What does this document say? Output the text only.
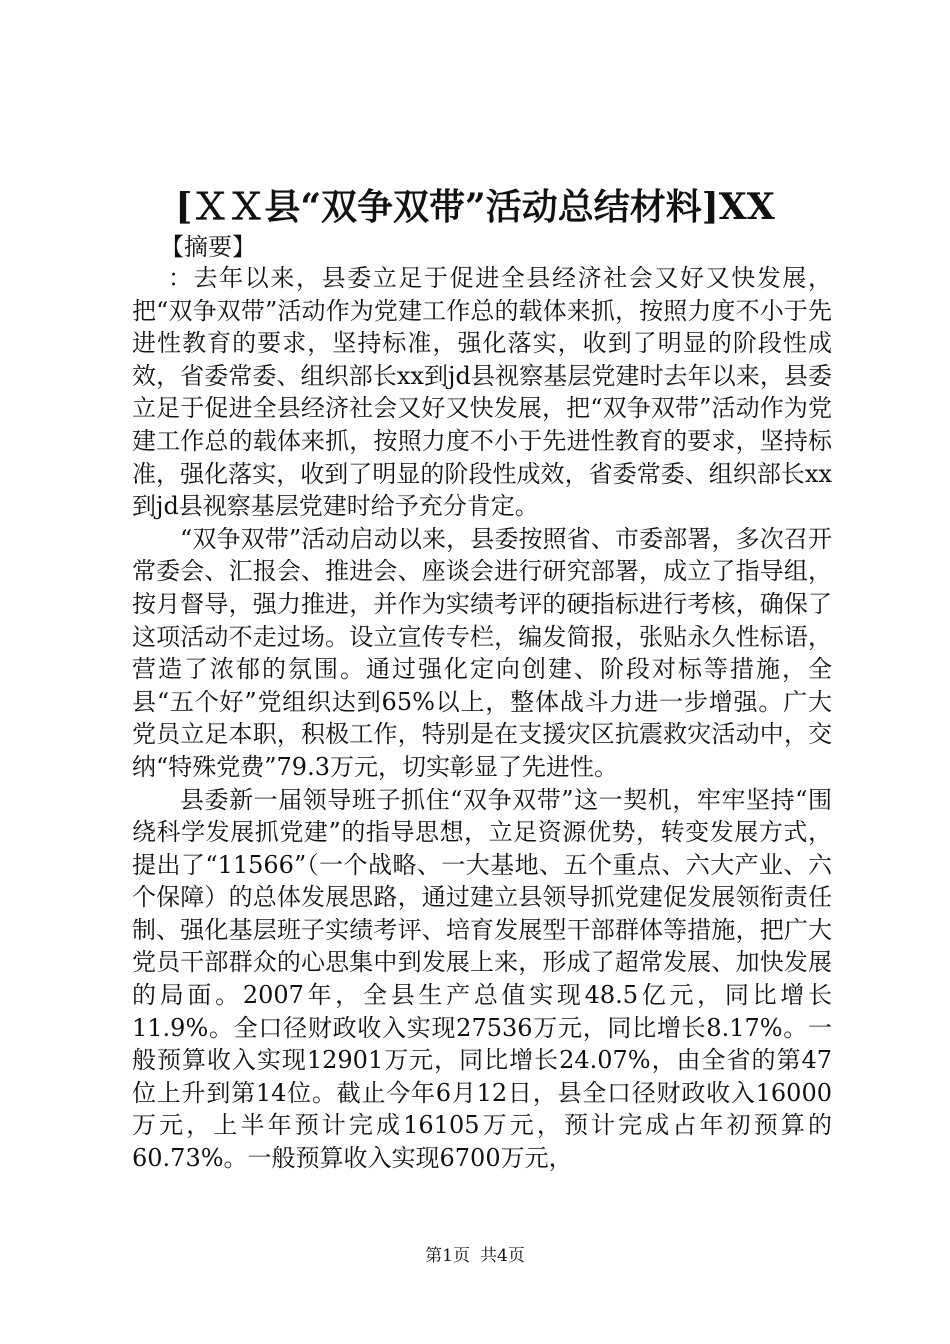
[ＸＸ县“双争双带”活动总结材料]XX
【摘要】

：去年以来，县委立足于促进全县经济社会又好又快发展，把“双争双带”活动作为党建工作总的载体来抓，按照力度不小于先进性教育的要求，坚持标准，强化落实，收到了明显的阶段性成效，省委常委、组织部长xx到jd县视察基层党建时去年以来，县委立足于促进全县经济社会又好又快发展，把“双争双带”活动作为党建工作总的载体来抓，按照力度不小于先进性教育的要求，坚持标准，强化落实，收到了明显的阶段性成效，省委常委、组织部长xx到jd县视察基层党建时给予充分肯定。

“双争双带”活动启动以来，县委按照省、市委部署，多次召开常委会、汇报会、推进会、座谈会进行研究部署，成立了指导组，按月督导，强力推进，并作为实绩考评的硬指标进行考核，确保了这项活动不走过场。设立宣传专栏，编发简报，张贴永久性标语，营造了浓郁的氛围。通过强化定向创建、阶段对标等措施，全县“五个好”党组织达到65%以上，整体战斗力进一步增强。广大党员立足本职，积极工作，特别是在支援灾区抗震救灾活动中，交纳“特殊党费”79.3万元，切实彰显了先进性。

县委新一届领导班子抓住“双争双带”这一契机，牢牢坚持“围绕科学发展抓党建”的指导思想，立足资源优势，转变发展方式，提出了“11566”（一个战略、一大基地、五个重点、六大产业、六个保障）的总体发展思路，通过建立县领导抓党建促发展领衔责任制、强化基层班子实绩考评、培育发展型干部群体等措施，把广大党员干部群众的心思集中到发展上来，形成了超常发展、加快发展的局面。2007年，全县生产总值实现48.5亿元，同比增长11.9%。全口径财政收入实现27536万元，同比增长8.17%。一般预算收入实现12901万元，同比增长24.07%，由全省的第47位上升到第14位。截止今年6月12日，县全口径财政收入16000万元，上半年预计完成16105万元，预计完成占年初预算的60.73%。一般预算收入实现6700万元，

第1页 共4页
